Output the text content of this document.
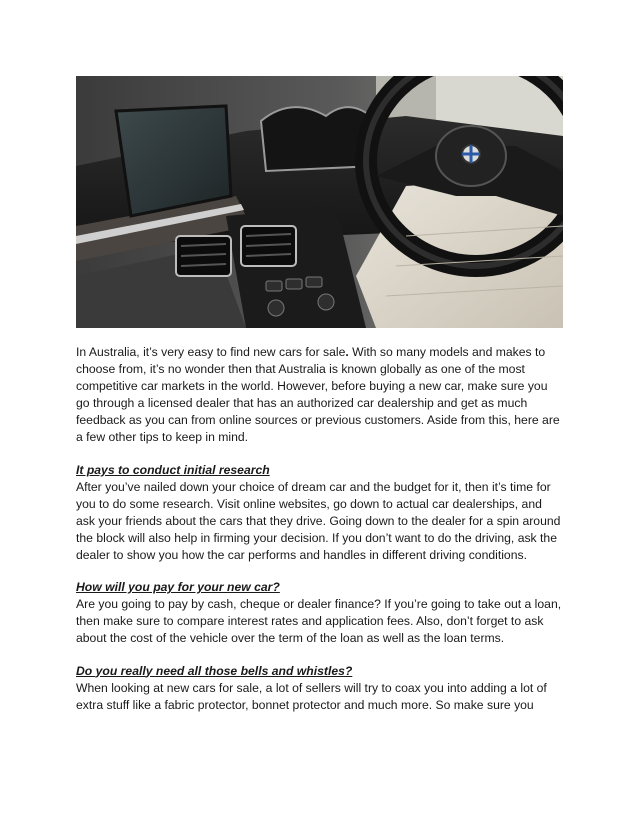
In Australia, it’s very easy to find new cars for sale. With so many models and makes to choose from, it’s no wonder then that Australia is known globally as one of the most competitive car markets in the world. However, before buying a new car, make sure you go through a licensed dealer that has an authorized car dealership and get as much feedback as you can from online sources or previous customers. Aside from this, here are a few other tips to keep in mind.

It pays to conduct initial research
After you’ve nailed down your choice of dream car and the budget for it, then it’s time for you to do some research. Visit online websites, go down to actual car dealerships, and ask your friends about the cars that they drive. Going down to the dealer for a spin around the block will also help in firming your decision. If you don’t want to do the driving, ask the dealer to show you how the car performs and handles in different driving conditions.

How will you pay for your new car?
Are you going to pay by cash, cheque or dealer finance? If you’re going to take out a loan, then make sure to compare interest rates and application fees. Also, don’t forget to ask about the cost of the vehicle over the term of the loan as well as the loan terms.

Do you really need all those bells and whistles?
When looking at new cars for sale, a lot of sellers will try to coax you into adding a lot of extra stuff like a fabric protector, bonnet protector and much more. So make sure you
